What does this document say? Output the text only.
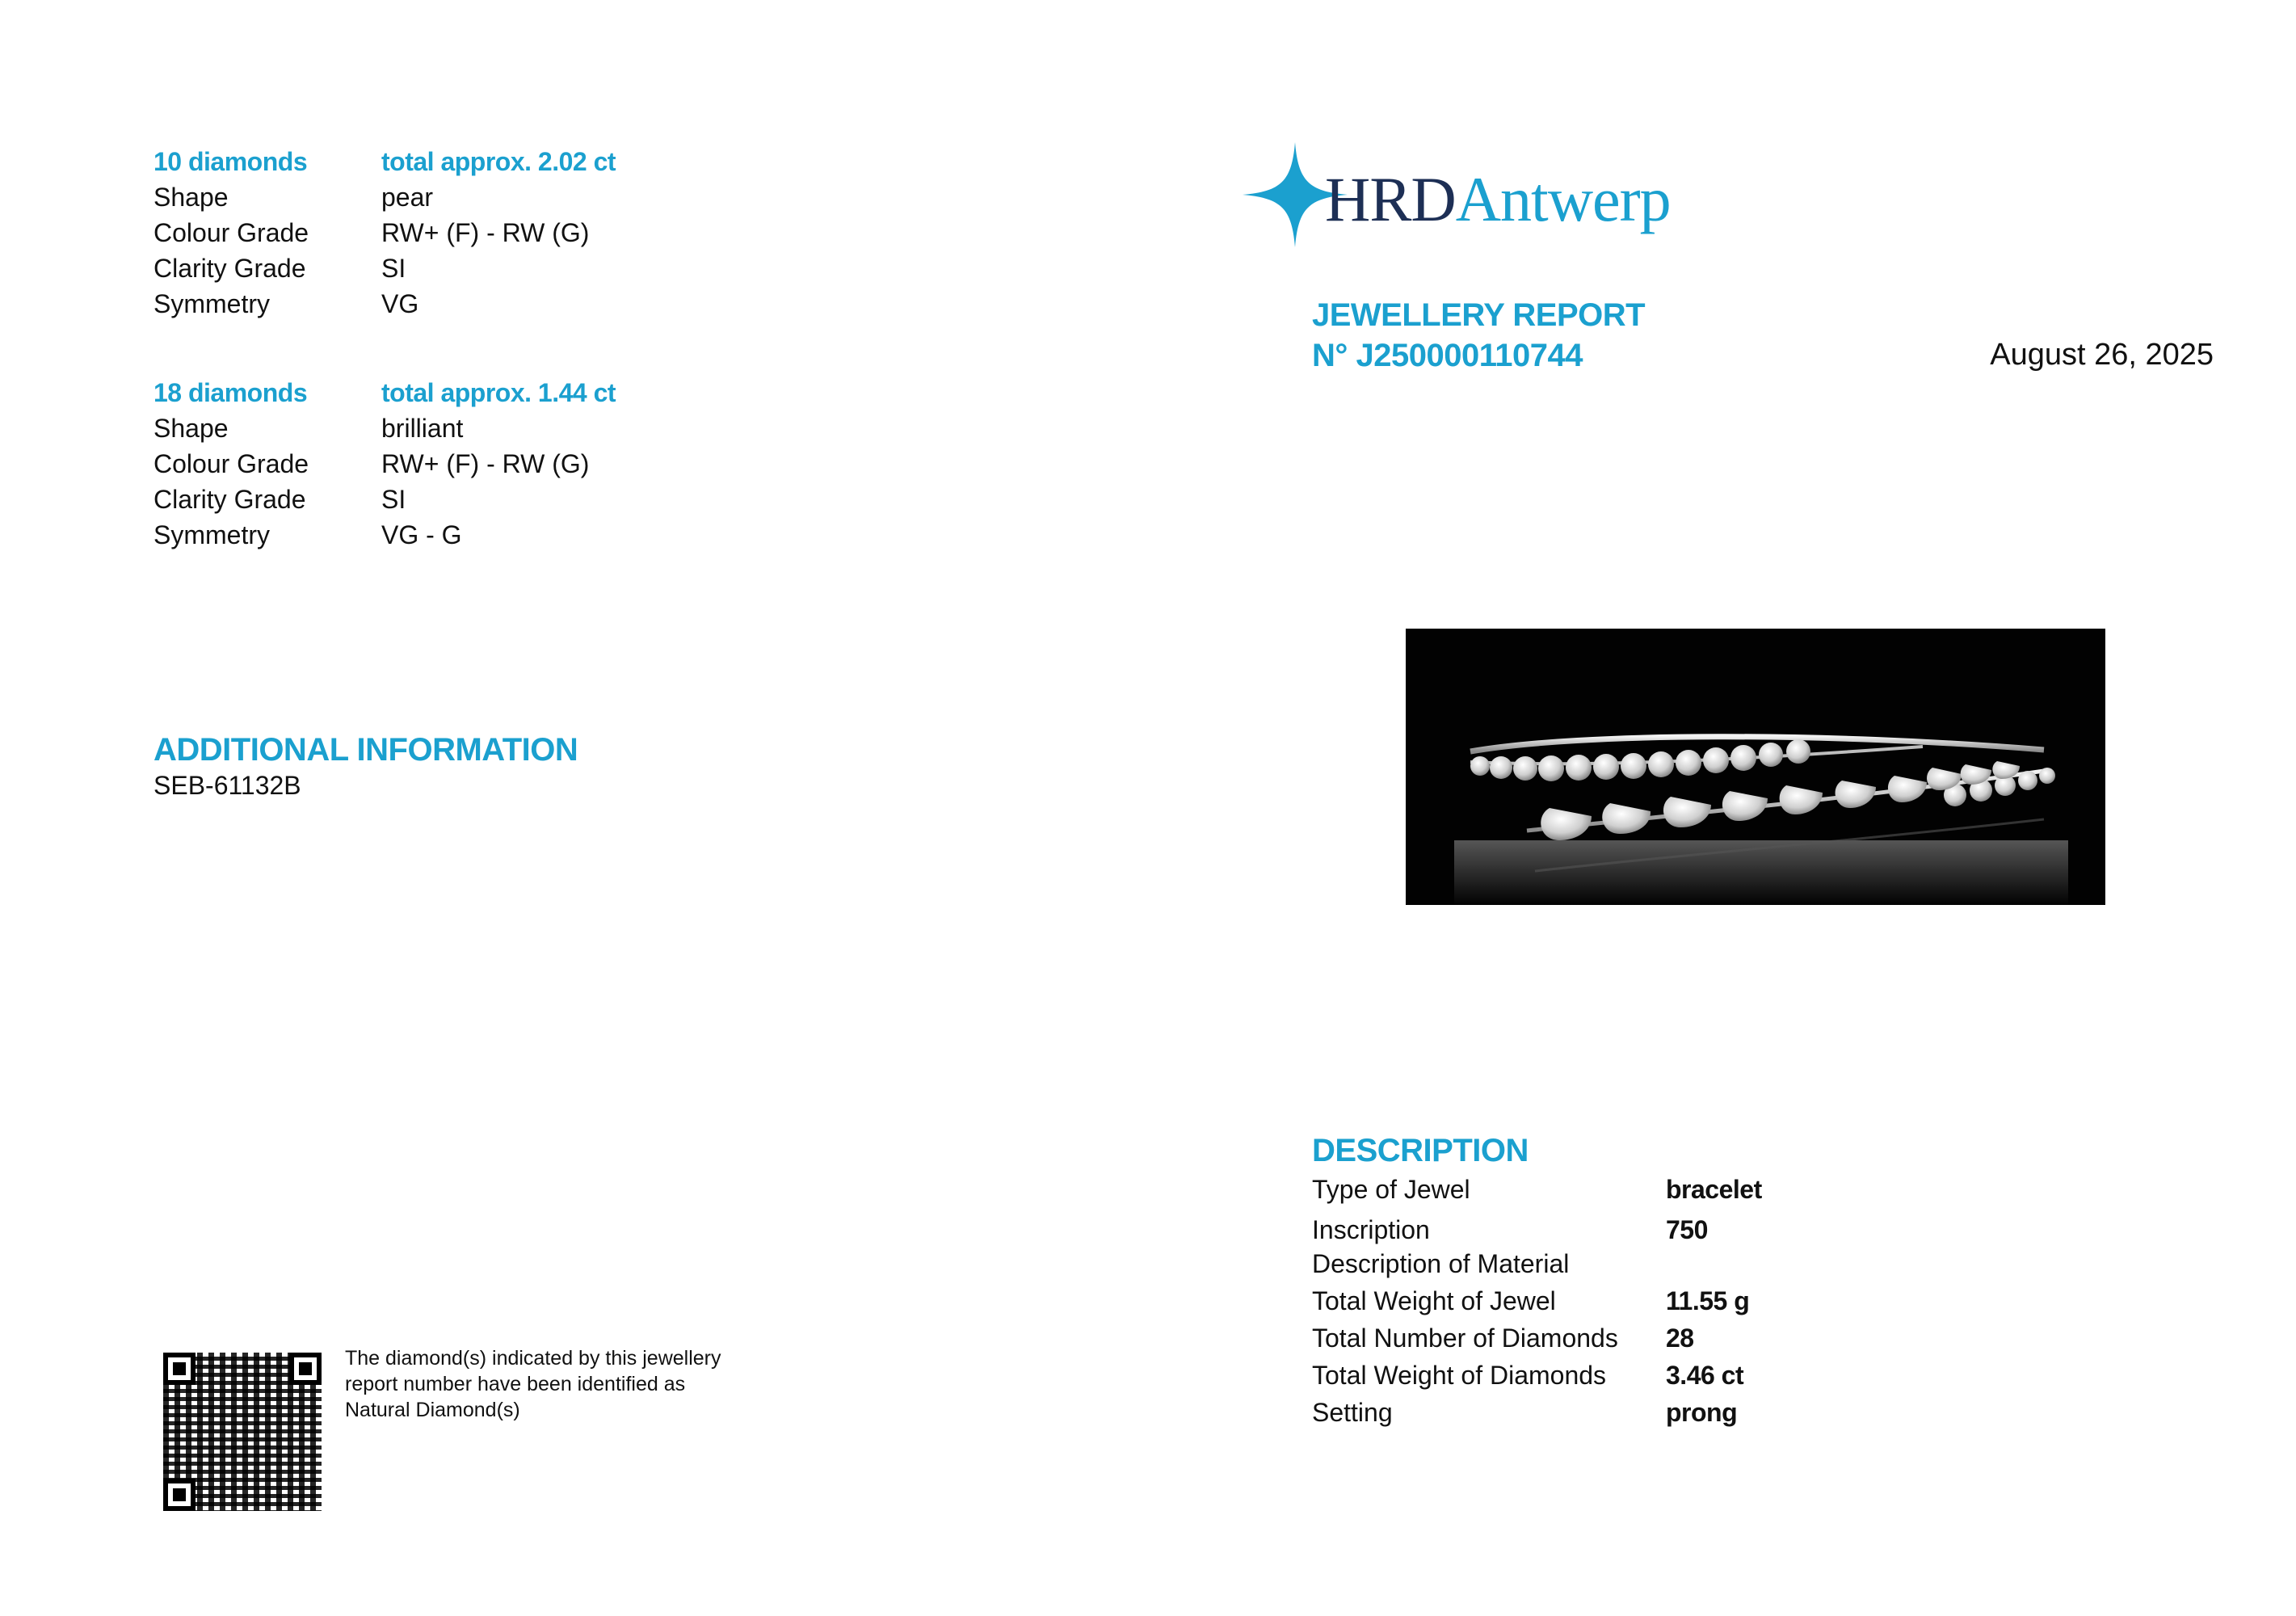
10 diamonds	total approx. 2.02 ct
Shape	pear
Colour Grade	RW+ (F) - RW (G)
Clarity Grade	SI
Symmetry	VG
18 diamonds	total approx. 1.44 ct
Shape	brilliant
Colour Grade	RW+ (F) - RW (G)
Clarity Grade	SI
Symmetry	VG - G
ADDITIONAL INFORMATION
SEB-61132B
The diamond(s) indicated by this jewellery
report number have been identified as
Natural Diamond(s)
HRDAntwerp
JEWELLERY REPORT
N° J250000110744	August 26, 2025
DESCRIPTION
Type of Jewel	bracelet
Inscription	750
Description of Material
Total Weight of Jewel	11.55 g
Total Number of Diamonds	28
Total Weight of Diamonds	3.46 ct
Setting	prong
